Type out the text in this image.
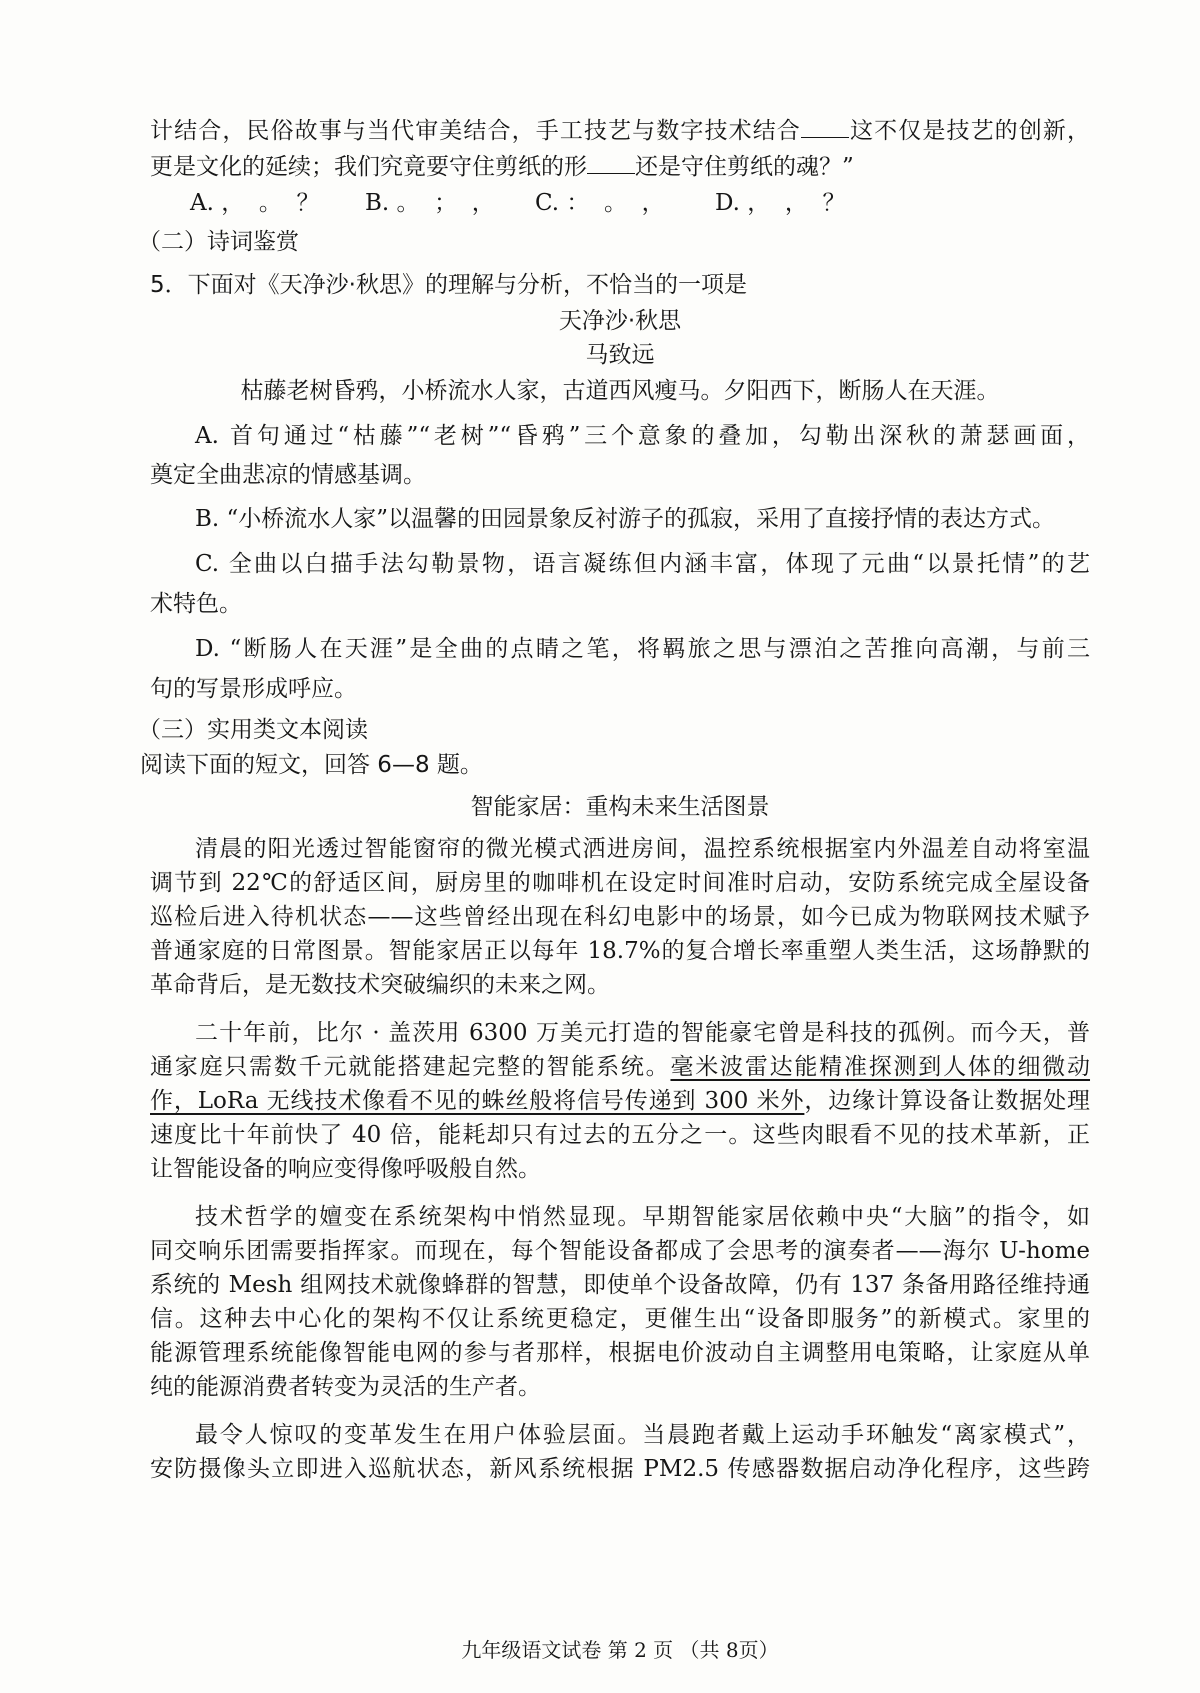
计结合，民俗故事与当代审美结合，手工技艺与数字技术结合 这不仅是技艺的创新，
更是文化的延续；我们究竟要守住剪纸的形 还是守住剪纸的魂？”
A. ，  。  ？ B. 。  ；  ， C. ：  。  ， D. ，  ，  ？
（二）诗词鉴赏
5．下面对《天净沙·秋思》的理解与分析，不恰当的一项是
天净沙·秋思
马致远
枯藤老树昏鸦，小桥流水人家，古道西风瘦马。夕阳西下，断肠人在天涯。
A. 首句通过“枯藤”“老树”“昏鸦”三个意象的叠加，勾勒出深秋的萧瑟画面，
奠定全曲悲凉的情感基调。
B. “小桥流水人家”以温馨的田园景象反衬游子的孤寂，采用了直接抒情的表达方式。
C. 全曲以白描手法勾勒景物，语言凝练但内涵丰富，体现了元曲“以景托情”的艺
术特色。
D. “断肠人在天涯”是全曲的点睛之笔，将羁旅之思与漂泊之苦推向高潮，与前三
句的写景形成呼应。
（三）实用类文本阅读
阅读下面的短文，回答 6—8 题。
智能家居：重构未来生活图景
清晨的阳光透过智能窗帘的微光模式洒进房间，温控系统根据室内外温差自动将室温
调节到 22℃的舒适区间，厨房里的咖啡机在设定时间准时启动，安防系统完成全屋设备
巡检后进入待机状态——这些曾经出现在科幻电影中的场景，如今已成为物联网技术赋予
普通家庭的日常图景。智能家居正以每年 18.7%的复合增长率重塑人类生活，这场静默的
革命背后，是无数技术突破编织的未来之网。
二十年前，比尔 · 盖茨用 6300 万美元打造的智能豪宅曾是科技的孤例。而今天，普
通家庭只需数千元就能搭建起完整的智能系统。毫米波雷达能精准探测到人体的细微动
作，LoRa 无线技术像看不见的蛛丝般将信号传递到 300 米外，边缘计算设备让数据处理
速度比十年前快了 40 倍，能耗却只有过去的五分之一。这些肉眼看不见的技术革新，正
让智能设备的响应变得像呼吸般自然。
技术哲学的嬗变在系统架构中悄然显现。早期智能家居依赖中央“大脑”的指令，如
同交响乐团需要指挥家。而现在，每个智能设备都成了会思考的演奏者——海尔 U-home
系统的 Mesh 组网技术就像蜂群的智慧，即使单个设备故障，仍有 137 条备用路径维持通
信。这种去中心化的架构不仅让系统更稳定，更催生出“设备即服务”的新模式。家里的
能源管理系统能像智能电网的参与者那样，根据电价波动自主调整用电策略，让家庭从单
纯的能源消费者转变为灵活的生产者。
最令人惊叹的变革发生在用户体验层面。当晨跑者戴上运动手环触发“离家模式”，
安防摄像头立即进入巡航状态，新风系统根据 PM2.5 传感器数据启动净化程序，这些跨
九年级语文试卷 第 2 页 （共 8页）
